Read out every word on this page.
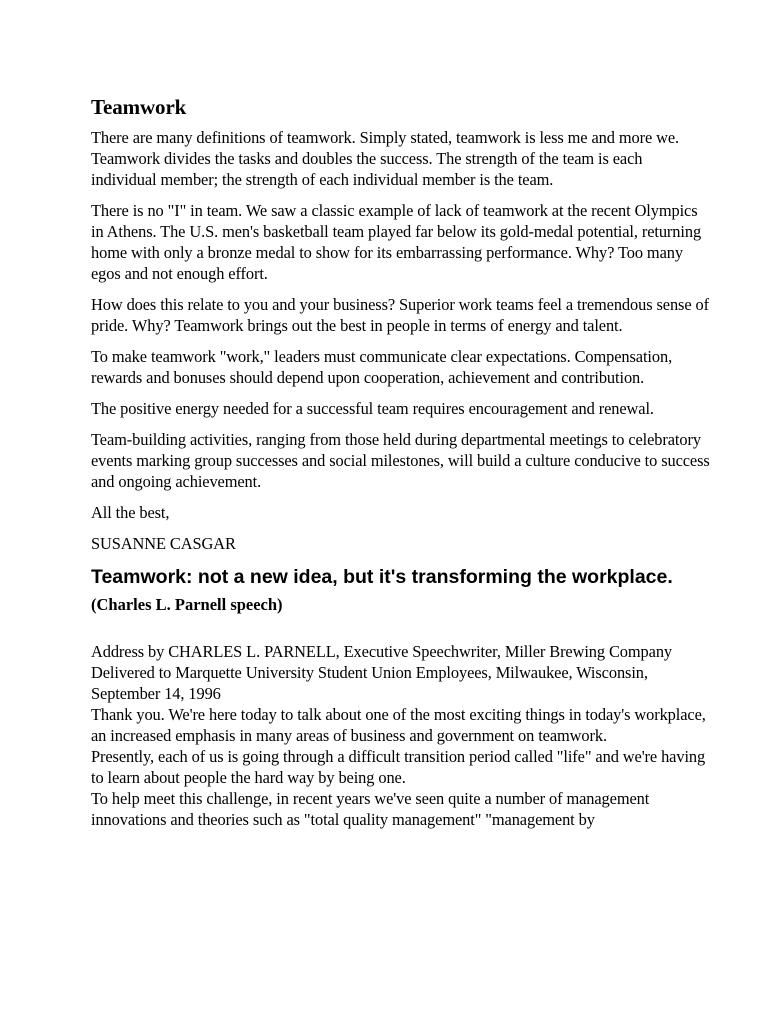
Teamwork

There are many definitions of teamwork. Simply stated, teamwork is less me and more we. Teamwork divides the tasks and doubles the success. The strength of the team is each individual member; the strength of each individual member is the team.

There is no "I" in team. We saw a classic example of lack of teamwork at the recent Olympics in Athens. The U.S. men's basketball team played far below its gold-medal potential, returning home with only a bronze medal to show for its embarrassing performance. Why? Too many egos and not enough effort.

How does this relate to you and your business? Superior work teams feel a tremendous sense of pride. Why? Teamwork brings out the best in people in terms of energy and talent.

To make teamwork "work," leaders must communicate clear expectations. Compensation, rewards and bonuses should depend upon cooperation, achievement and contribution.

The positive energy needed for a successful team requires encouragement and renewal.

Team-building activities, ranging from those held during departmental meetings to celebratory events marking group successes and social milestones, will build a culture conducive to success and ongoing achievement.

All the best,

SUSANNE CASGAR

Teamwork: not a new idea, but it's transforming the workplace. (Charles L. Parnell speech)

Address by CHARLES L. PARNELL, Executive Speechwriter, Miller Brewing Company

Delivered to Marquette University Student Union Employees, Milwaukee, Wisconsin, September 14, 1996

Thank you. We're here today to talk about one of the most exciting things in today's workplace, an increased emphasis in many areas of business and government on teamwork.

Presently, each of us is going through a difficult transition period called "life" and we're having to learn about people the hard way by being one.

To help meet this challenge, in recent years we've seen quite a number of management innovations and theories such as "total quality management" "management by
